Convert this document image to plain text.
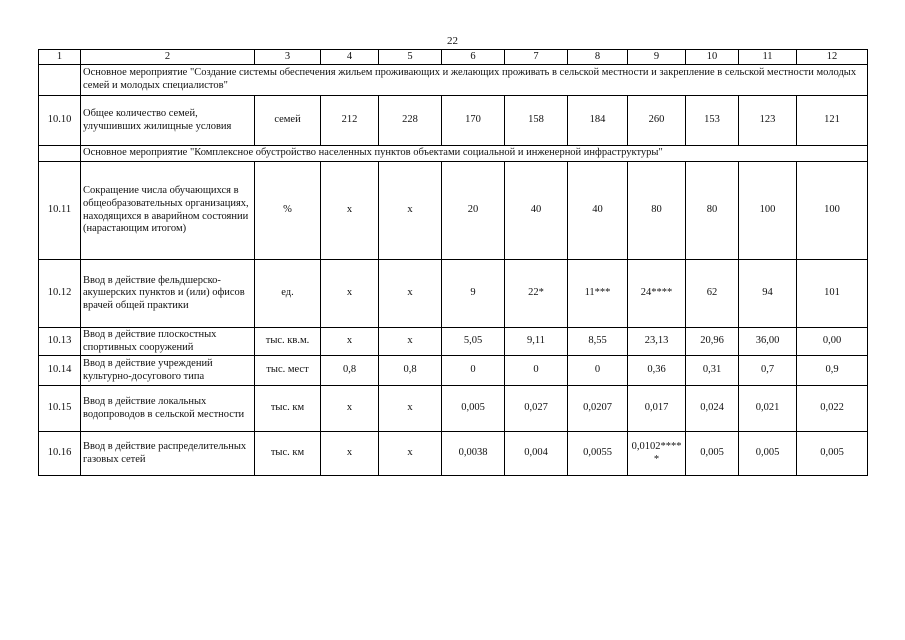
22
1	2	3	4	5	6	7	8	9	10	11	12
	Основное мероприятие "Создание системы обеспечения жильем проживающих и желающих проживать в сельской местности и закрепление в сельской местности молодых семей и молодых специалистов"										
10.10	Общее количество семей, улучшивших жилищные условия	семей	212	228	170	158	184	260	153	123	121
	Основное мероприятие "Комплексное обустройство населенных пунктов объектами социальной и инженерной инфраструктуры"										
10.11	Сокращение числа обучающихся в общеобразовательных организациях, находящихся в аварийном состоянии (нарастающим итогом)	%	х	х	20	40	40	80	80	100	100
10.12	Ввод в действие фельдшерско-акушерских пунктов и (или) офисов врачей общей практики	ед.	х	х	9	22*	11***	24****	62	94	101
10.13	Ввод в действие плоскостных спортивных сооружений	тыс. кв.м.	х	х	5,05	9,11	8,55	23,13	20,96	36,00	0,00
10.14	Ввод в действие учреждений культурно-досугового типа	тыс. мест	0,8	0,8	0	0	0	0,36	0,31	0,7	0,9
10.15	Ввод в действие локальных водопроводов в сельской местности	тыс. км	х	х	0,005	0,027	0,0207	0,017	0,024	0,021	0,022
10.16	Ввод в действие распределительных газовых сетей	тыс. км	х	х	0,0038	0,004	0,0055	0,0102*****	0,005	0,005	0,005
